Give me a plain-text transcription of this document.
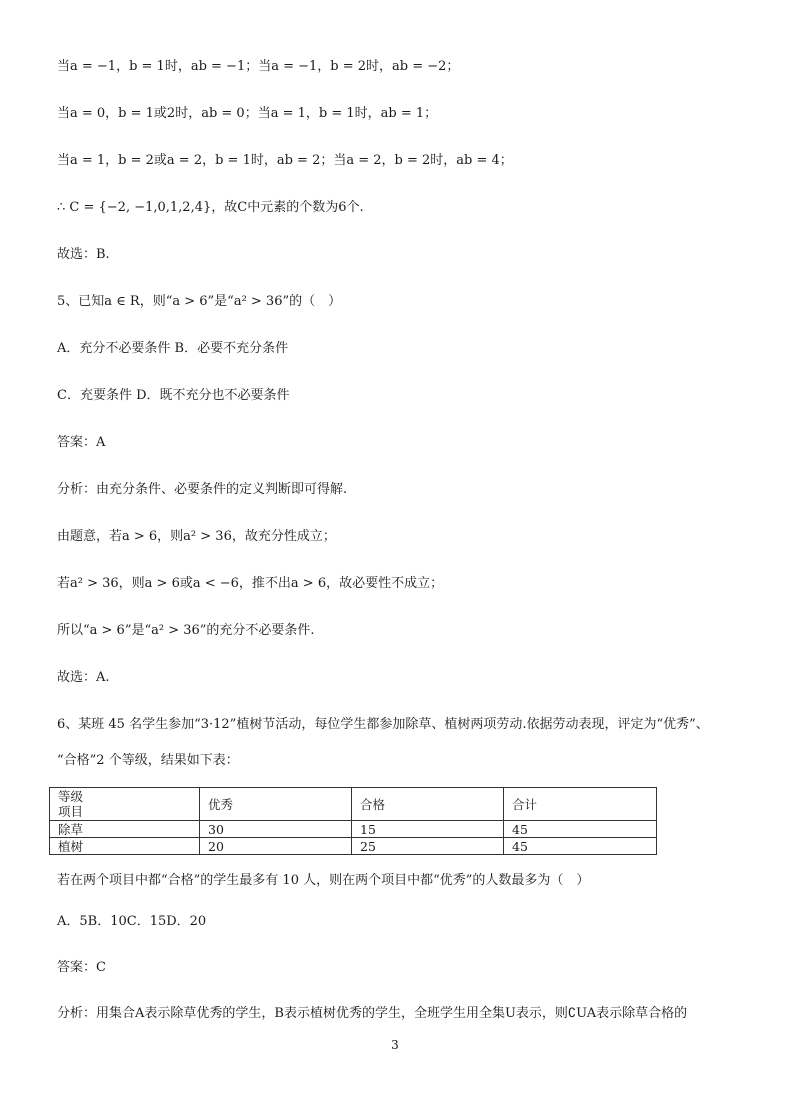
当a = −1，b = 1时，ab = −1；当a = −1，b = 2时，ab = −2；
当a = 0，b = 1或2时，ab = 0；当a = 1，b = 1时，ab = 1；
当a = 1，b = 2或a = 2，b = 1时，ab = 2；当a = 2，b = 2时，ab = 4；
∴ C = {−2, −1,0,1,2,4}，故C中元素的个数为6个.
故选：B.
5、已知a ∈ R，则“a > 6”是“a² > 36”的（　）
A．充分不必要条件 B．必要不充分条件
C．充要条件 D．既不充分也不必要条件
答案：A
分析：由充分条件、必要条件的定义判断即可得解.
由题意，若a > 6，则a² > 36，故充分性成立；
若a² > 36，则a > 6或a < −6，推不出a > 6，故必要性不成立；
所以“a > 6”是“a² > 36”的充分不必要条件.
故选：A.
6、某班 45 名学生参加“3·12”植树节活动，每位学生都参加除草、植树两项劳动.依据劳动表现，评定为“优秀”、
“合格”2 个等级，结果如下表：
等级
项目	优秀	合格	合计
除草	30	15	45
植树	20	25	45
若在两个项目中都“合格”的学生最多有 10 人，则在两个项目中都“优秀”的人数最多为（　）
A．5B．10C．15D．20
答案：C
分析：用集合A表示除草优秀的学生，B表示植树优秀的学生，全班学生用全集U表示，则∁UA表示除草合格的
3
